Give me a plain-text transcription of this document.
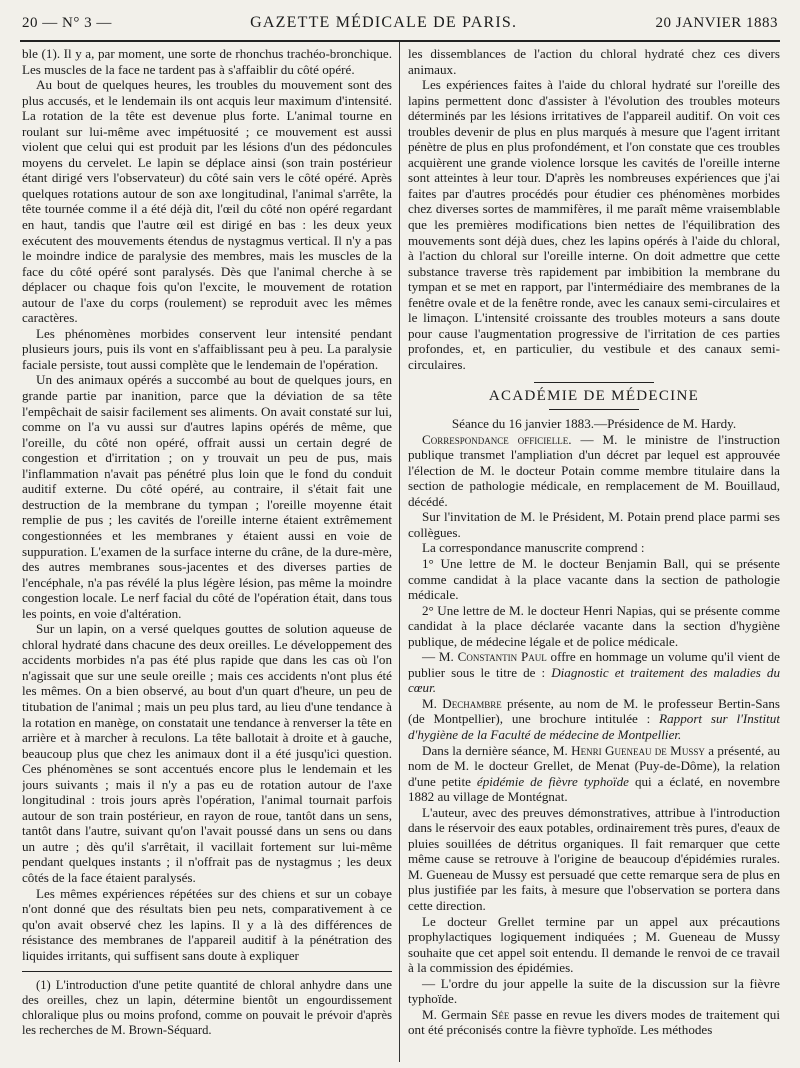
20 — N° 3 —	GAZETTE MÉDICALE DE PARIS.	20 JANVIER 1883

ble (1). Il y a, par moment, une sorte de rhonchus trachéo-bronchique. Les muscles de la face ne tardent pas à s'affaiblir du côté opéré.

Au bout de quelques heures, les troubles du mouvement sont des plus accusés, et le lendemain ils ont acquis leur maximum d'intensité. La rotation de la tête est devenue plus forte. L'animal tourne en roulant sur lui-même avec impétuosité ; ce mouvement est aussi violent que celui qui est produit par les lésions d'un des pédoncules moyens du cervelet. Le lapin se déplace ainsi (son train postérieur étant dirigé vers l'observateur) du côté sain vers le côté opéré. Après quelques rotations autour de son axe longitudinal, l'animal s'arrête, la tête tournée comme il a été déjà dit, l'œil du côté non opéré regardant en haut, tandis que l'autre œil est dirigé en bas : les deux yeux exécutent des mouvements étendus de nystagmus vertical. Il n'y a pas le moindre indice de paralysie des membres, mais les muscles de la face du côté opéré sont paralysés. Dès que l'animal cherche à se déplacer ou chaque fois qu'on l'excite, le mouvement de rotation autour de l'axe du corps (roulement) se reproduit avec les mêmes caractères.

Les phénomènes morbides conservent leur intensité pendant plusieurs jours, puis ils vont en s'affaiblissant peu à peu. La paralysie faciale persiste, tout aussi complète que le lendemain de l'opération.

Un des animaux opérés a succombé au bout de quelques jours, en grande partie par inanition, parce que la déviation de sa tête l'empêchait de saisir facilement ses aliments. On avait constaté sur lui, comme on l'a vu aussi sur d'autres lapins opérés de même, que l'oreille, du côté non opéré, offrait aussi un certain degré de congestion et d'irritation ; on y trouvait un peu de pus, mais l'inflammation n'avait pas pénétré plus loin que le fond du conduit auditif externe. Du côté opéré, au contraire, il s'était fait une destruction de la membrane du tympan ; l'oreille moyenne était remplie de pus ; les cavités de l'oreille interne étaient extrêmement congestionnées et les membranes y étaient aussi en voie de suppuration. L'examen de la surface interne du crâne, de la dure-mère, des autres membranes sous-jacentes et des diverses parties de l'encéphale, n'a pas révélé la plus légère lésion, pas même la moindre congestion locale. Le nerf facial du côté de l'opération était, dans tous les points, en voie d'altération.

Sur un lapin, on a versé quelques gouttes de solution aqueuse de chloral hydraté dans chacune des deux oreilles. Le développement des accidents morbides n'a pas été plus rapide que dans les cas où l'on n'agissait que sur une seule oreille ; mais ces accidents n'ont plus été les mêmes. On a bien observé, au bout d'un quart d'heure, un peu de titubation de l'animal ; mais un peu plus tard, au lieu d'une tendance à la rotation en manège, on constatait une tendance à renverser la tête en arrière et à marcher à reculons. La tête ballotait à droite et à gauche, beaucoup plus que chez les animaux dont il a été jusqu'ici question. Ces phénomènes se sont accentués encore plus le lendemain et les jours suivants ; mais il n'y a pas eu de rotation autour de l'axe longitudinal : trois jours après l'opération, l'animal tournait parfois autour de son train postérieur, en rayon de roue, tantôt dans un sens, tantôt dans l'autre, suivant qu'on l'avait poussé dans un sens ou dans un autre ; dès qu'il s'arrêtait, il vacillait fortement sur lui-même pendant quelques instants ; il n'offrait pas de nystagmus ; les deux côtés de la face étaient paralysés.

Les mêmes expériences répétées sur des chiens et sur un cobaye n'ont donné que des résultats bien peu nets, comparativement à ce qu'on avait observé chez les lapins. Il y a là des différences de résistance des membranes de l'appareil auditif à la pénétration des liquides irritants, qui suffisent sans doute à expliquer

(1) L'introduction d'une petite quantité de chloral anhydre dans une des oreilles, chez un lapin, détermine bientôt un engourdissement chloralique plus ou moins profond, comme on pouvait le prévoir d'après les recherches de M. Brown-Séquard.

les dissemblances de l'action du chloral hydraté chez ces divers animaux.

Les expériences faites à l'aide du chloral hydraté sur l'oreille des lapins permettent donc d'assister à l'évolution des troubles moteurs déterminés par les lésions irritatives de l'appareil auditif. On voit ces troubles devenir de plus en plus marqués à mesure que l'agent irritant pénètre de plus en plus profondément, et l'on constate que ces troubles acquièrent une grande violence lorsque les cavités de l'oreille interne sont atteintes à leur tour. D'après les nombreuses expériences que j'ai faites par d'autres procédés pour étudier ces phénomènes morbides chez diverses sortes de mammifères, il me paraît même vraisemblable que les premières modifications bien nettes de l'équilibration des mouvements sont déjà dues, chez les lapins opérés à l'aide du chloral, à l'action du chloral sur l'oreille interne. On doit admettre que cette substance traverse très rapidement par imbibition la membrane du tympan et se met en rapport, par l'intermédiaire des membranes de la fenêtre ovale et de la fenêtre ronde, avec les canaux semi-circulaires et le limaçon. L'intensité croissante des troubles moteurs a sans doute pour cause l'augmentation progressive de l'irritation de ces parties profondes, et, en particulier, du vestibule et des canaux semi-circulaires.

ACADÉMIE DE MÉDECINE

Séance du 16 janvier 1883.—Présidence de M. Hardy.

Correspondance officielle. — M. le ministre de l'instruction publique transmet l'ampliation d'un décret par lequel est approuvée l'élection de M. le docteur Potain comme membre titulaire dans la section de pathologie médicale, en remplacement de M. Bouillaud, décédé.

Sur l'invitation de M. le Président, M. Potain prend place parmi ses collègues.

La correspondance manuscrite comprend :

1° Une lettre de M. le docteur Benjamin Ball, qui se présente comme candidat à la place vacante dans la section de pathologie médicale.

2° Une lettre de M. le docteur Henri Napias, qui se présente comme candidat à la place déclarée vacante dans la section d'hygiène publique, de médecine légale et de police médicale.

— M. Constantin Paul offre en hommage un volume qu'il vient de publier sous le titre de : Diagnostic et traitement des maladies du cœur.

M. Dechambre présente, au nom de M. le professeur Bertin-Sans (de Montpellier), une brochure intitulée : Rapport sur l'Institut d'hygiène de la Faculté de médecine de Montpellier.

Dans la dernière séance, M. Henri Gueneau de Mussy a présenté, au nom de M. le docteur Grellet, de Menat (Puy-de-Dôme), la relation d'une petite épidémie de fièvre typhoïde qui a éclaté, en novembre 1882 au village de Montégnat.

L'auteur, avec des preuves démonstratives, attribue à l'introduction dans le réservoir des eaux potables, ordinairement très pures, d'eaux de pluies souillées de détritus organiques. Il fait remarquer que cette même cause se retrouve à l'origine de beaucoup d'épidémies rurales. M. Gueneau de Mussy est persuadé que cette remarque sera de plus en plus justifiée par les faits, à mesure que l'observation se portera dans cette direction.

Le docteur Grellet termine par un appel aux précautions prophylactiques logiquement indiquées ; M. Gueneau de Mussy souhaite que cet appel soit entendu. Il demande le renvoi de ce travail à la commission des épidémies.

— L'ordre du jour appelle la suite de la discussion sur la fièvre typhoïde.

M. Germain Sée passe en revue les divers modes de traitement qui ont été préconisés contre la fièvre typhoïde. Les méthodes
